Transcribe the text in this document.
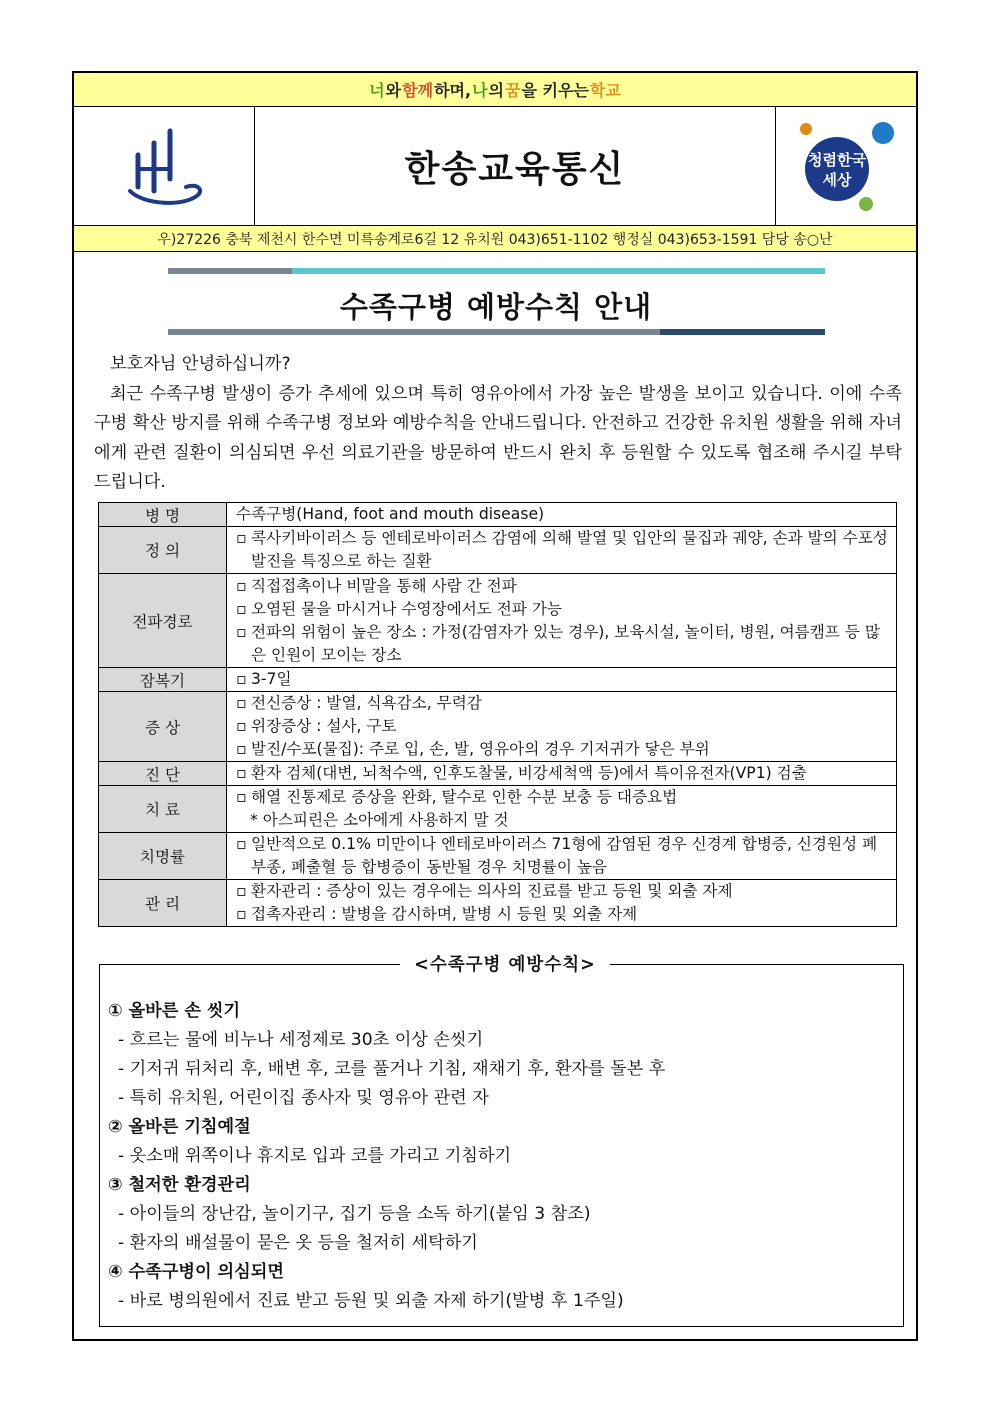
너 와 함께 하며, 나 의 꿈 을 키우는 학교
한송교육통신	청렴한국
세상
우)27226 충북 제천시 한수면 미륵송계로6길 12 유치원 043)651-1102 행정실 043)653-1591 담당 송○난
수족구병 예방수칙 안내

보호자님 안녕하십니까?

최근 수족구병 발생이 증가 추세에 있으며 특히 영유아에서 가장 높은 발생을 보이고 있습니다. 이에 수족구병 확산 방지를 위해 수족구병 정보와 예방수칙을 안내드립니다. 안전하고 건강한 유치원 생활을 위해 자녀에게 관련 질환이 의심되면 우선 의료기관을 방문하여 반드시 완치 후 등원할 수 있도록 협조해 주시길 부탁드립니다.

병 명	수족구병(Hand, foot and mouth disease)
정 의	▫ 콕사키바이러스 등 엔테로바이러스 감염에 의해 발열 및 입안의 물집과 궤양, 손과 발의 수포성 발진을 특징으로 하는 질환

전파경로	▫ 직접접촉이나 비말을 통해 사람 간 전파
▫ 오염된 물을 마시거나 수영장에서도 전파 가능
▫ 전파의 위험이 높은 장소 : 가정(감염자가 있는 경우), 보육시설, 놀이터, 병원, 여름캠프 등 많은 인원이 모이는 장소

잠복기	▫ 3-7일

증 상	▫ 전신증상 : 발열, 식욕감소, 무력감
▫ 위장증상 : 설사, 구토
▫ 발진/수포(물집): 주로 입, 손, 발, 영유아의 경우 기저귀가 닿은 부위

진 단	▫ 환자 검체(대변, 뇌척수액, 인후도찰물, 비강세척액 등)에서 특이유전자(VP1) 검출

치 료	▫ 해열 진통제로 증상을 완화, 탈수로 인한 수분 보충 등 대증요법
* 아스피린은 소아에게 사용하지 말 것

치명률	▫ 일반적으로 0.1% 미만이나 엔테로바이러스 71형에 감염된 경우 신경계 합병증, 신경원성 폐부종, 폐출혈 등 합병증이 동반될 경우 치명률이 높음

관 리	▫ 환자관리 : 증상이 있는 경우에는 의사의 진료를 받고 등원 및 외출 자제
▫ 접촉자관리 : 발병을 감시하며, 발병 시 등원 및 외출 자제
<수족구병 예방수칙>
① 올바른 손 씻기
- 흐르는 물에 비누나 세정제로 30초 이상 손씻기
- 기저귀 뒤처리 후, 배변 후, 코를 풀거나 기침, 재채기 후, 환자를 돌본 후
- 특히 유치원, 어린이집 종사자 및 영유아 관련 자
② 올바른 기침예절
- 옷소매 위쪽이나 휴지로 입과 코를 가리고 기침하기
③ 철저한 환경관리
- 아이들의 장난감, 놀이기구, 집기 등을 소독 하기(붙임 3 참조)
- 환자의 배설물이 묻은 옷 등을 철저히 세탁하기
④ 수족구병이 의심되면
- 바로 병의원에서 진료 받고 등원 및 외출 자제 하기(발병 후 1주일)
